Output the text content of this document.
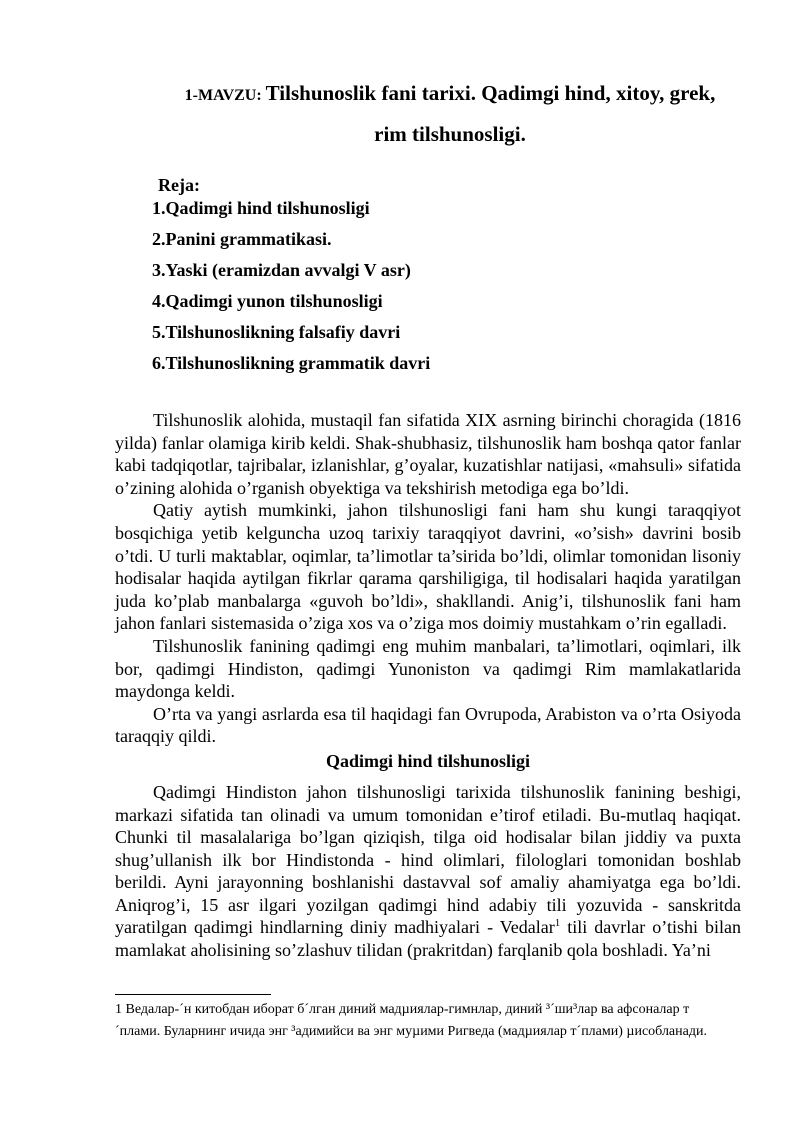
1-MAVZU: Tilshunoslik fani tarixi. Qadimgi hind, xitoy, grek,
rim tilshunosligi.
Reja:
1.Qadimgi hind tilshunosligi
2.Panini grammatikasi.
3.Yaski (eramizdan avvalgi V asr)
4.Qadimgi yunon tilshunosligi
5.Tilshunoslikning falsafiy davri
6.Tilshunoslikning grammatik davri

Tilshunoslik alohida, mustaqil fan sifatida XIX asrning birinchi choragida (1816 yilda) fanlar olamiga kirib keldi. Shak-shubhasiz, tilshunoslik ham boshqa qator fanlar kabi tadqiqotlar, tajribalar, izlanishlar, g’oyalar, kuzatishlar natijasi, «mahsuli» sifatida o’zining alohida o’rganish obyektiga va tekshirish metodiga ega bo’ldi.

Qatiy aytish mumkinki, jahon tilshunosligi fani ham shu kungi taraqqiyot bosqichiga yetib kelguncha uzoq tarixiy taraqqiyot davrini, «o’sish» davrini bosib o’tdi. U turli maktablar, oqimlar, ta’limotlar ta’sirida bo’ldi, olimlar tomonidan lisoniy hodisalar haqida aytilgan fikrlar qarama qarshiligiga, til hodisalari haqida yaratilgan juda ko’plab manbalarga «guvoh bo’ldi», shakllandi. Anig’i, tilshunoslik fani ham jahon fanlari sistemasida o’ziga xos va o’ziga mos doimiy mustahkam o’rin egalladi.

Tilshunoslik fanining qadimgi eng muhim manbalari, ta’limotlari, oqimlari, ilk bor, qadimgi Hindiston, qadimgi Yunoniston va qadimgi Rim mamlakatlarida maydonga keldi.

O’rta va yangi asrlarda esa til haqidagi fan Ovrupoda, Arabiston va o’rta Osiyoda taraqqiy qildi.

Qadimgi hind tilshunosligi

Qadimgi Hindiston jahon tilshunosligi tarixida tilshunoslik fanining beshigi, markazi sifatida tan olinadi va umum tomonidan e’tirof etiladi. Bu-mutlaq haqiqat. Chunki til masalalariga bo’lgan qiziqish, tilga oid hodisalar bilan jiddiy va puxta shug’ullanish ilk bor Hindistonda - hind olimlari, filologlari tomonidan boshlab berildi. Ayni jarayonning boshlanishi dastavval sof amaliy ahamiyatga ega bo’ldi. Aniqrog’i, 15 asr ilgari yozilgan qadimgi hind adabiy tili yozuvida - sanskritda yaratilgan qadimgi hindlarning diniy madhiyalari - Vedalar$^1$ tili davrlar o’tishi bilan mamlakat aholisining so’zlashuv tilidan (prakritdan) farqlanib qola boshladi. Ya’ni

1 Ведалар-´н китобдан иборат б´лган диний мадµиялар-гимнлар, диний ³´ши³лар ва афсоналар т´плами. Буларнинг ичида энг ³адимийси ва энг муµими Ригведа (мадµиялар т´плами) µисобланади.
